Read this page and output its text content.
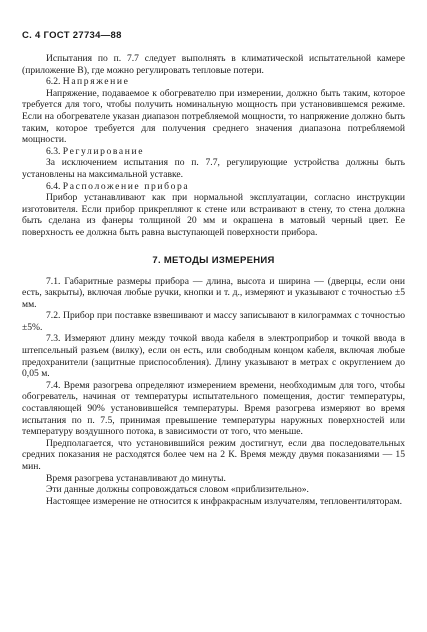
С. 4 ГОСТ 27734—88

Испытания по п. 7.7 следует выполнять в климатической испытательной камере (приложение В), где можно регулировать тепловые потери.

6.2. Напряжение

Напряжение, подаваемое к обогревателю при измерении, должно быть таким, которое требуется для того, чтобы получить номинальную мощность при установившемся режиме. Если на обогревателе указан диапазон потребляемой мощности, то напряжение должно быть таким, которое требуется для получения среднего значения диапазона потребляемой мощности.

6.3. Регулирование

За исключением испытания по п. 7.7, регулирующие устройства должны быть установлены на максимальной уставке.

6.4. Расположение прибора

Прибор устанавливают как при нормальной эксплуатации, согласно инструкции изготовителя. Если прибор прикрепляют к стене или встраивают в стену, то стена должна быть сделана из фанеры толщиной 20 мм и окрашена в матовый черный цвет. Ее поверхность ее должна быть равна выступающей поверхности прибора.

7. МЕТОДЫ ИЗМЕРЕНИЯ

7.1. Габаритные размеры прибора — длина, высота и ширина — (дверцы, если они есть, закрыты), включая любые ручки, кнопки и т. д., измеряют и указывают с точностью ±5 мм.

7.2. Прибор при поставке взвешивают и массу записывают в килограммах с точностью ±5%.

7.3. Измеряют длину между точкой ввода кабеля в электроприбор и точкой ввода в штепсельный разъем (вилку), если он есть, или свободным концом кабеля, включая любые предохранители (защитные приспособления). Длину указывают в метрах с округлением до 0,05 м.

7.4. Время разогрева определяют измерением времени, необходимым для того, чтобы обогреватель, начиная от температуры испытательного помещения, достиг температуры, составляющей 90% установившейся температуры. Время разогрева измеряют во время испытания по п. 7.5, принимая превышение температуры наружных поверхностей или температуру воздушного потока, в зависимости от того, что меньше.

Предполагается, что установившийся режим достигнут, если два последовательных средних показания не расходятся более чем на 2 К. Время между двумя показаниями — 15 мин.

Время разогрева устанавливают до минуты.

Эти данные должны сопровождаться словом «приблизительно».

Настоящее измерение не относится к инфракрасным излучателям, тепловентиляторам.
